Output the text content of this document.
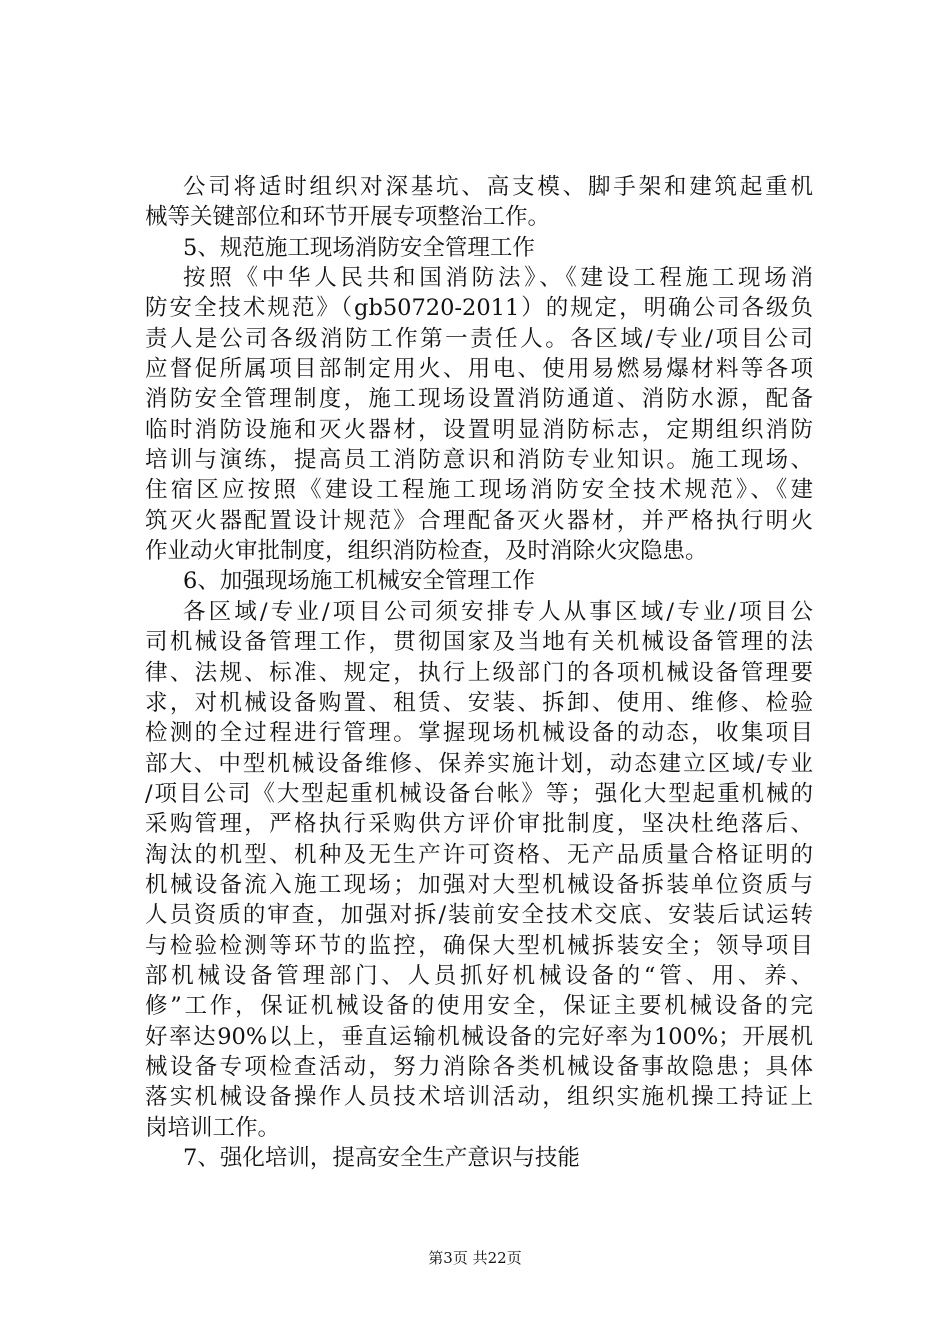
公司将适时组织对深基坑、高支模、脚手架和建筑起重机
械等关键部位和环节开展专项整治工作。
5、规范施工现场消防安全管理工作
按照《中华人民共和国消防法》、《建设工程施工现场消
防安全技术规范》（gb50720-2011）的规定，明确公司各级负
责人是公司各级消防工作第一责任人。各区域/专业/项目公司
应督促所属项目部制定用火、用电、使用易燃易爆材料等各项
消防安全管理制度，施工现场设置消防通道、消防水源，配备
临时消防设施和灭火器材，设置明显消防标志，定期组织消防
培训与演练，提高员工消防意识和消防专业知识。施工现场、
住宿区应按照《建设工程施工现场消防安全技术规范》、《建
筑灭火器配置设计规范》合理配备灭火器材，并严格执行明火
作业动火审批制度，组织消防检查，及时消除火灾隐患。
6、加强现场施工机械安全管理工作
各区域/专业/项目公司须安排专人从事区域/专业/项目公
司机械设备管理工作，贯彻国家及当地有关机械设备管理的法
律、法规、标准、规定，执行上级部门的各项机械设备管理要
求，对机械设备购置、租赁、安装、拆卸、使用、维修、检验
检测的全过程进行管理。掌握现场机械设备的动态，收集项目
部大、中型机械设备维修、保养实施计划，动态建立区域/专业
/项目公司《大型起重机械设备台帐》等；强化大型起重机械的
采购管理，严格执行采购供方评价审批制度，坚决杜绝落后、
淘汰的机型、机种及无生产许可资格、无产品质量合格证明的
机械设备流入施工现场；加强对大型机械设备拆装单位资质与
人员资质的审查，加强对拆/装前安全技术交底、安装后试运转
与检验检测等环节的监控，确保大型机械拆装安全；领导项目
部机械设备管理部门、人员抓好机械设备的“管、用、养、
修”工作，保证机械设备的使用安全，保证主要机械设备的完
好率达90%以上，垂直运输机械设备的完好率为100%；开展机
械设备专项检查活动，努力消除各类机械设备事故隐患；具体
落实机械设备操作人员技术培训活动，组织实施机操工持证上
岗培训工作。
7、强化培训，提高安全生产意识与技能
第3页 共22页
